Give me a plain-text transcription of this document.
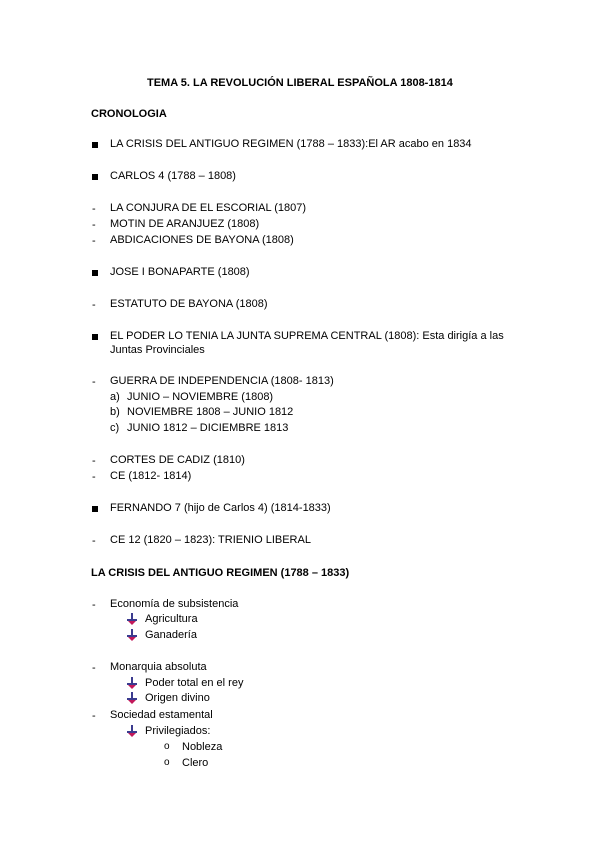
TEMA 5. LA REVOLUCIÓN LIBERAL ESPAÑOLA 1808-1814
CRONOLOGIA
LA CRISIS DEL ANTIGUO REGIMEN (1788 – 1833):El AR acabo en 1834
CARLOS 4 (1788 – 1808)
- LA CONJURA DE EL ESCORIAL (1807)
- MOTIN DE ARANJUEZ (1808)
- ABDICACIONES DE BAYONA (1808)
JOSE I BONAPARTE (1808)
- ESTATUTO DE BAYONA (1808)
EL PODER LO TENIA LA JUNTA SUPREMA CENTRAL (1808): Esta dirigía a las
Juntas Provinciales
- GUERRA DE INDEPENDENCIA (1808- 1813)
a) JUNIO – NOVIEMBRE (1808)
b) NOVIEMBRE 1808 – JUNIO 1812
c) JUNIO 1812 – DICIEMBRE 1813
- CORTES DE CADIZ (1810)
- CE (1812- 1814)
FERNANDO 7 (hijo de Carlos 4) (1814-1833)
- CE 12 (1820 – 1823): TRIENIO LIBERAL
LA CRISIS DEL ANTIGUO REGIMEN (1788 – 1833)
- Economía de subsistencia
Agricultura
Ganadería
- Monarquia absoluta
Poder total en el rey
Origen divino
- Sociedad estamental
Privilegiados:
o Nobleza
o Clero
